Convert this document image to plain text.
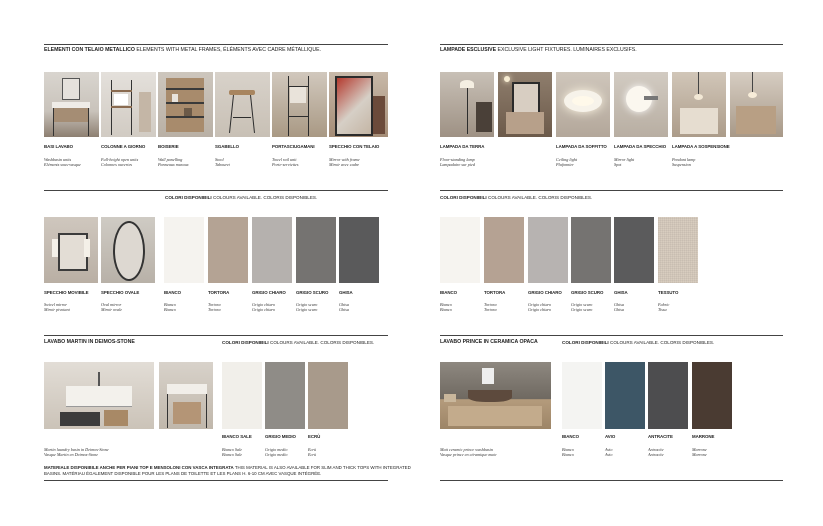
ELEMENTI CON TELAIO METALLICO ELEMENTS WITH METAL FRAMES, ÉLÉMENTS AVEC CADRE MÉTALLIQUE.
BASI LAVABO
Washbasin units
Eléments sous-vasque
COLONNE A GIORNO
Full-height open units
Colonnes ouvertes
BOISERIE
Wall panelling
Panneaux muraux
SGABELLO
Stool
Tabouret
PORTASCIUGAMANI
Towel rail unit
Porte-serviettes
SPECCHIO CON TELAIO
Mirror with frame
Miroir avec cadre
COLORI DISPONIBILI COLOURS AVAILABLE. COLORIS DISPONIBLES.
SPECCHIO MOVIBILE
Swivel mirror
Miroir pivotant
SPECCHIO OVALE
Oval mirror
Miroir ovale
BIANCO
Bianco
Bianco
TORTORA
Tortora
Tortora
GRIGIO CHIARO
Grigio chiaro
Grigio chiaro
GRIGIO SCURO
Grigio scuro
Grigio scuro
GHISA
Ghisa
Ghisa
LAVABO MARTIN IN DEIMOS-STONE	COLORI DISPONIBILI COLOURS AVAILABLE. COLORIS DISPONIBLES.
BIANCO SALE	GRIGIO MEDIO	ECRÙ
Martin laundry basin in Deimos-Stone
Vasque Martin en Deimos-Stone
Bianco Sale
Bianco Sale
Grigio medio
Grigio medio
Ecrù
Ecrù
MATERIALE DISPONIBILE ANCHE PER PIANI TOP E MENSOLONI CON VASCA INTEGRATA THIS MATERIAL IS ALSO AVAILABLE FOR SLIM AND THICK TOPS WITH INTEGRATED
BASINS. MATÉRIAU ÉGALEMENT DISPONIBLE POUR LES PLANS DE TOILETTE ET LES PLANS H. 6-10 CM AVEC VASQUE INTÉGRÉE.
LAMPADE ESCLUSIVE EXCLUSIVE LIGHT FIXTURES. LUMINAIRES EXCLUSIFS.
LAMPADA DA TERRA
Floor-standing lamp
Lampadaire sur pied
LAMPADA DA SOFFITTO
Ceiling light
Plafonnier
LAMPADA DA SPECCHIO
Mirror light
Spot
LAMPADA A SOSPENSIONE
Pendant lamp
Suspension
COLORI DISPONIBILI COLOURS AVAILABLE. COLORIS DISPONIBLES.
BIANCO
Bianco
Bianco
TORTORA
Tortora
Tortora
GRIGIO CHIARO
Grigio chiaro
Grigio chiaro
GRIGIO SCURO
Grigio scuro
Grigio scuro
GHISA
Ghisa
Ghisa
TESSUTO
Fabric
Tissu
LAVABO PRINCE IN CERAMICA OPACA	COLORI DISPONIBILI COLOURS AVAILABLE. COLORIS DISPONIBLES.
BIANCO	AVIO	ANTRACITE	MARRONE
Matt ceramic prince washbasin
Vasque prince en céramique mate
Bianco
Bianco
Avio
Avio
Antracite
Antracite
Marrone
Marrone
